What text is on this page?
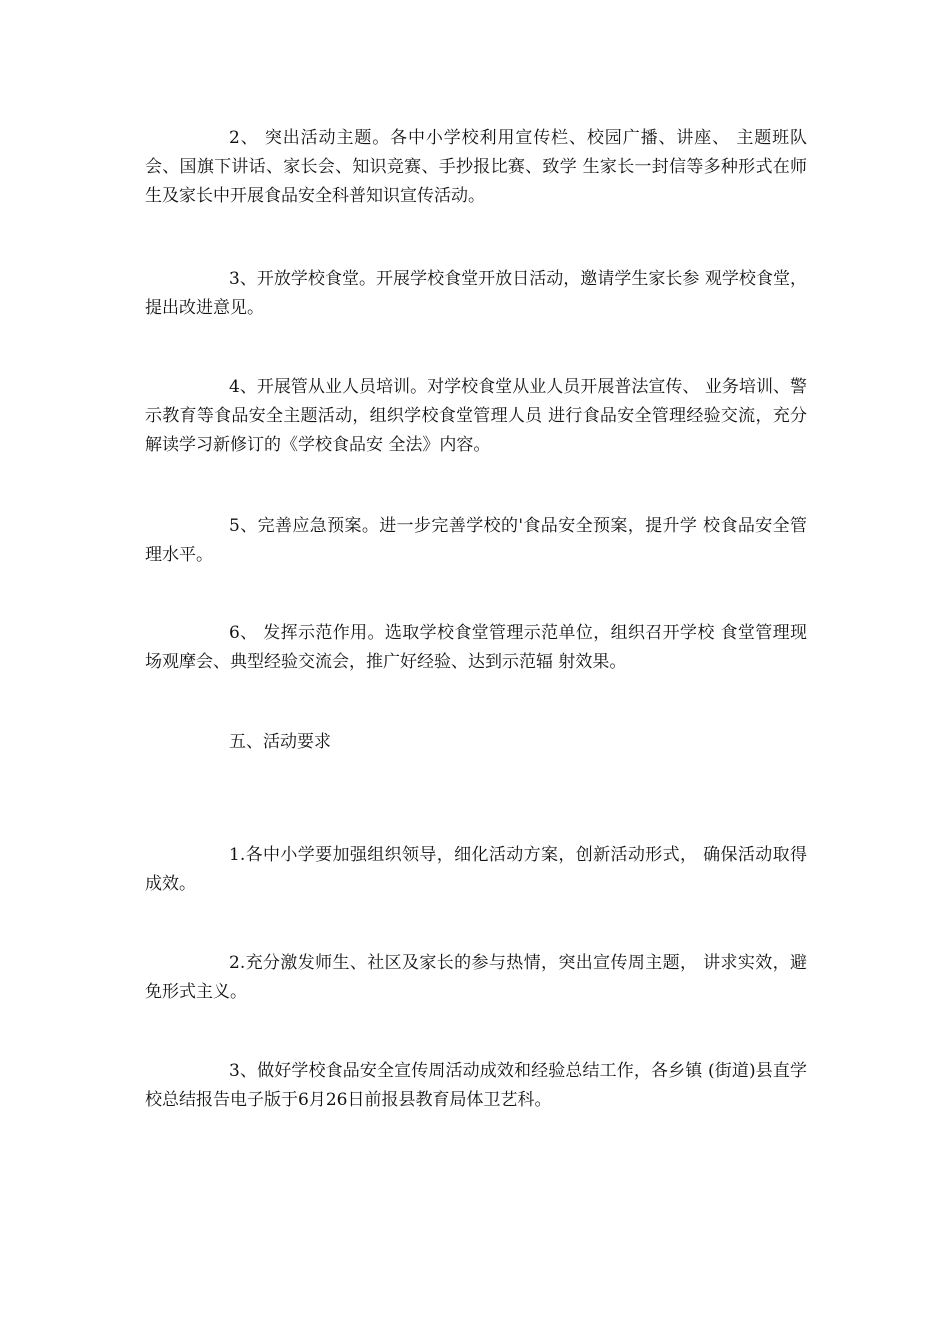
2、 突出活动主题。各中小学校利用宣传栏、校园广播、讲座、 主题班队会、国旗下讲话、家长会、知识竞赛、手抄报比赛、致学 生家长一封信等多种形式在师生及家长中开展食品安全科普知识宣传活动。

3、开放学校食堂。开展学校食堂开放日活动，邀请学生家长参 观学校食堂，提出改进意见。

4、开展管从业人员培训。对学校食堂从业人员开展普法宣传、 业务培训、警示教育等食品安全主题活动，组织学校食堂管理人员 进行食品安全管理经验交流，充分解读学习新修订的《学校食品安 全法》内容。

5、完善应急预案。进一步完善学校的'食品安全预案，提升学 校食品安全管理水平。

6、 发挥示范作用。选取学校食堂管理示范单位，组织召开学校 食堂管理现场观摩会、典型经验交流会，推广好经验、达到示范辐 射效果。

五、活动要求

1.各中小学要加强组织领导，细化活动方案，创新活动形式， 确保活动取得成效。

2.充分激发师生、社区及家长的参与热情，突出宣传周主题， 讲求实效，避免形式主义。

3、做好学校食品安全宣传周活动成效和经验总结工作，各乡镇 (街道)县直学校总结报告电子版于6月26日前报县教育局体卫艺科。
